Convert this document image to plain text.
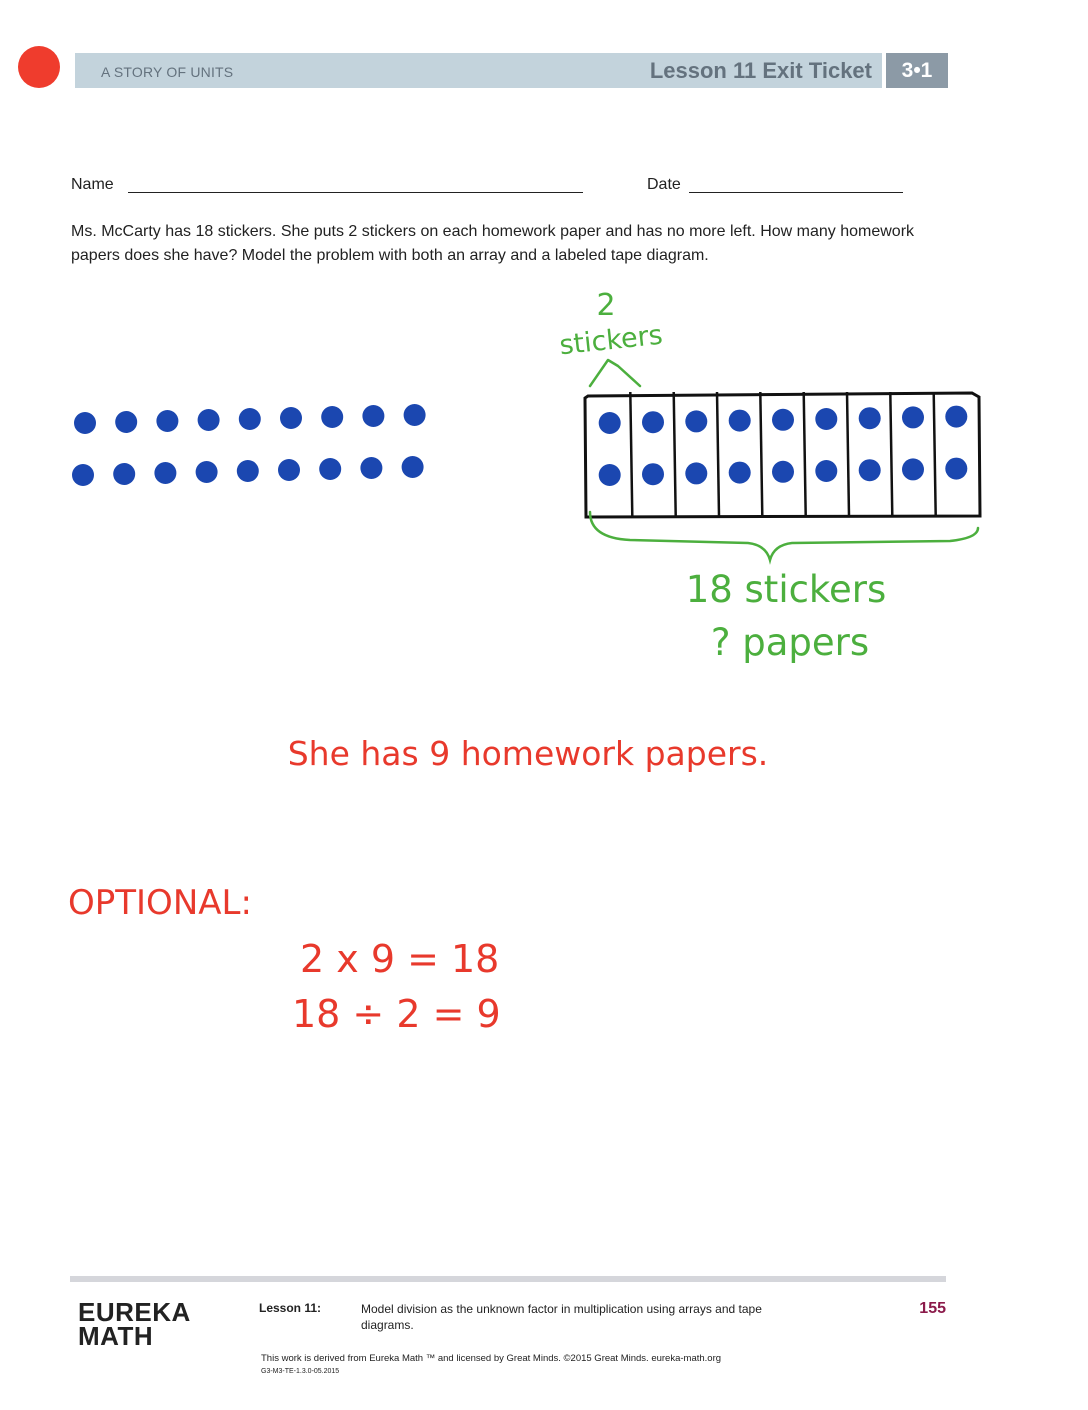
A STORY OF UNITS	Lesson 11 Exit Ticket	3•1
Name	Date
Ms. McCarty has 18 stickers. She puts 2 stickers on each homework paper and has no more left. How many homework papers does she have? Model the problem with both an array and a labeled tape diagram.
2
stickers
18 stickers
? papers
She has 9 homework papers.
OPTIONAL:
2 x 9 = 18
18 ÷ 2 = 9
EUREKA
MATH
Lesson 11:	Model division as the unknown factor in multiplication using arrays and tape diagrams.
155
This work is derived from Eureka Math ™ and licensed by Great Minds. ©2015 Great Minds. eureka-math.org
G3-M3-TE-1.3.0-05.2015
